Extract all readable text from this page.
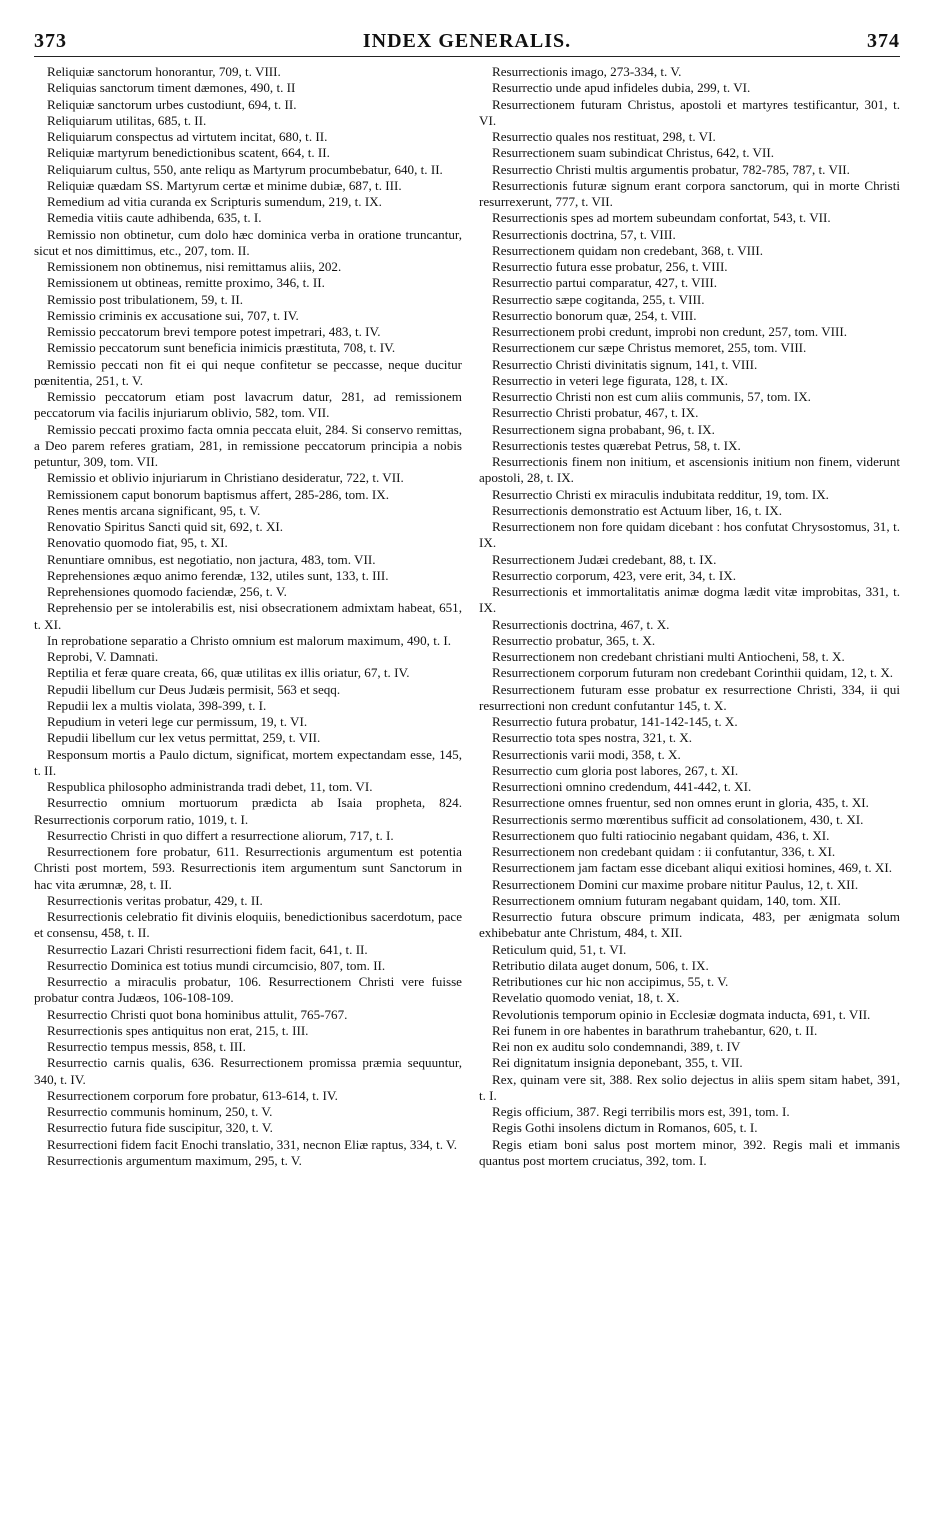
373	INDEX GENERALIS.	374

Reliquiæ sanctorum honorantur, 709, t. VIII.

Reliquias sanctorum timent dæmones, 490, t. II

Reliquiæ sanctorum urbes custodiunt, 694, t. II.

Reliquiarum utilitas, 685, t. II.

Reliquiarum conspectus ad virtutem incitat, 680, t. II.

Reliquiæ martyrum benedictionibus scatent, 664, t. II.

Reliquiarum cultus, 550, ante reliqu as Martyrum procumbebatur, 640, t. II.

Reliquiæ quædam SS. Martyrum certæ et minime dubiæ, 687, t. III.

Remedium ad vitia curanda ex Scripturis sumendum, 219, t. IX.

Remedia vitiis caute adhibenda, 635, t. I.

Remissio non obtinetur, cum dolo hæc dominica verba in oratione truncantur, sicut et nos dimittimus, etc., 207, tom. II.

Remissionem non obtinemus, nisi remittamus aliis, 202.

Remissionem ut obtineas, remitte proximo, 346, t. II.

Remissio post tribulationem, 59, t. II.

Remissio criminis ex accusatione sui, 707, t. IV.

Remissio peccatorum brevi tempore potest impetrari, 483, t. IV.

Remissio peccatorum sunt beneficia inimicis præstituta, 708, t. IV.

Remissio peccati non fit ei qui neque confitetur se peccasse, neque ducitur pœnitentia, 251, t. V.

Remissio peccatorum etiam post lavacrum datur, 281, ad remissionem peccatorum via facilis injuriarum oblivio, 582, tom. VII.

Remissio peccati proximo facta omnia peccata eluit, 284. Si conservo remittas, a Deo parem referes gratiam, 281, in remissione peccatorum principia a nobis petuntur, 309, tom. VII.

Remissio et oblivio injuriarum in Christiano desideratur, 722, t. VII.

Remissionem caput bonorum baptismus affert, 285-286, tom. IX.

Renes mentis arcana significant, 95, t. V.

Renovatio Spiritus Sancti quid sit, 692, t. XI.

Renovatio quomodo fiat, 95, t. XI.

Renuntiare omnibus, est negotiatio, non jactura, 483, tom. VII.

Reprehensiones æquo animo ferendæ, 132, utiles sunt, 133, t. III.

Reprehensiones quomodo faciendæ, 256, t. V.

Reprehensio per se intolerabilis est, nisi obsecrationem admixtam habeat, 651, t. XI.

In reprobatione separatio a Christo omnium est malorum maximum, 490, t. I.

Reprobi, V. Damnati.

Reptilia et feræ quare creata, 66, quæ utilitas ex illis oriatur, 67, t. IV.

Repudii libellum cur Deus Judæis permisit, 563 et seqq.

Repudii lex a multis violata, 398-399, t. I.

Repudium in veteri lege cur permissum, 19, t. VI.

Repudii libellum cur lex vetus permittat, 259, t. VII.

Responsum mortis a Paulo dictum, significat, mortem expectandam esse, 145, t. II.

Respublica philosopho administranda tradi debet, 11, tom. VI.

Resurrectio omnium mortuorum prædicta ab Isaia propheta, 824. Resurrectionis corporum ratio, 1019, t. I.

Resurrectio Christi in quo differt a resurrectione aliorum, 717, t. I.

Resurrectionem fore probatur, 611. Resurrectionis argumentum est potentia Christi post mortem, 593. Resurrectionis item argumentum sunt Sanctorum in hac vita ærumnæ, 28, t. II.

Resurrectionis veritas probatur, 429, t. II.

Resurrectionis celebratio fit divinis eloquiis, benedictionibus sacerdotum, pace et consensu, 458, t. II.

Resurrectio Lazari Christi resurrectioni fidem facit, 641, t. II.

Resurrectio Dominica est totius mundi circumcisio, 807, tom. II.

Resurrectio a miraculis probatur, 106. Resurrectionem Christi vere fuisse probatur contra Judæos, 106-108-109.

Resurrectio Christi quot bona hominibus attulit, 765-767.

Resurrectionis spes antiquitus non erat, 215, t. III.

Resurrectio tempus messis, 858, t. III.

Resurrectio carnis qualis, 636. Resurrectionem promissa præmia sequuntur, 340, t. IV.

Resurrectionem corporum fore probatur, 613-614, t. IV.

Resurrectio communis hominum, 250, t. V.

Resurrectio futura fide suscipitur, 320, t. V.

Resurrectioni fidem facit Enochi translatio, 331, necnon Eliæ raptus, 334, t. V.

Resurrectionis argumentum maximum, 295, t. V.

Resurrectionis imago, 273-334, t. V.

Resurrectio unde apud infideles dubia, 299, t. VI.

Resurrectionem futuram Christus, apostoli et martyres testificantur, 301, t. VI.

Resurrectio quales nos restituat, 298, t. VI.

Resurrectionem suam subindicat Christus, 642, t. VII.

Resurrectio Christi multis argumentis probatur, 782-785, 787, t. VII.

Resurrectionis futuræ signum erant corpora sanctorum, qui in morte Christi resurrexerunt, 777, t. VII.

Resurrectionis spes ad mortem subeundam confortat, 543, t. VII.

Resurrectionis doctrina, 57, t. VIII.

Resurrectionem quidam non credebant, 368, t. VIII.

Resurrectio futura esse probatur, 256, t. VIII.

Resurrectio partui comparatur, 427, t. VIII.

Resurrectio sæpe cogitanda, 255, t. VIII.

Resurrectio bonorum quæ, 254, t. VIII.

Resurrectionem probi credunt, improbi non credunt, 257, tom. VIII.

Resurrectionem cur sæpe Christus memoret, 255, tom. VIII.

Resurrectio Christi divinitatis signum, 141, t. VIII.

Resurrectio in veteri lege figurata, 128, t. IX.

Resurrectio Christi non est cum aliis communis, 57, tom. IX.

Resurrectio Christi probatur, 467, t. IX.

Resurrectionem signa probabant, 96, t. IX.

Resurrectionis testes quærebat Petrus, 58, t. IX.

Resurrectionis finem non initium, et ascensionis initium non finem, viderunt apostoli, 28, t. IX.

Resurrectio Christi ex miraculis indubitata redditur, 19, tom. IX.

Resurrectionis demonstratio est Actuum liber, 16, t. IX.

Resurrectionem non fore quidam dicebant : hos confutat Chrysostomus, 31, t. IX.

Resurrectionem Judæi credebant, 88, t. IX.

Resurrectio corporum, 423, vere erit, 34, t. IX.

Resurrectionis et immortalitatis animæ dogma lædit vitæ improbitas, 331, t. IX.

Resurrectionis doctrina, 467, t. X.

Resurrectio probatur, 365, t. X.

Resurrectionem non credebant christiani multi Antiocheni, 58, t. X.

Resurrectionem corporum futuram non credebant Corinthii quidam, 12, t. X.

Resurrectionem futuram esse probatur ex resurrectione Christi, 334, ii qui resurrectioni non credunt confutantur 145, t. X.

Resurrectio futura probatur, 141-142-145, t. X.

Resurrectio tota spes nostra, 321, t. X.

Resurrectionis varii modi, 358, t. X.

Resurrectio cum gloria post labores, 267, t. XI.

Resurrectioni omnino credendum, 441-442, t. XI.

Resurrectione omnes fruentur, sed non omnes erunt in gloria, 435, t. XI.

Resurrectionis sermo mœrentibus sufficit ad consolationem, 430, t. XI.

Resurrectionem quo fulti ratiocinio negabant quidam, 436, t. XI.

Resurrectionem non credebant quidam : ii confutantur, 336, t. XI.

Resurrectionem jam factam esse dicebant aliqui exitiosi homines, 469, t. XI.

Resurrectionem Domini cur maxime probare nititur Paulus, 12, t. XII.

Resurrectionem omnium futuram negabant quidam, 140, tom. XII.

Resurrectio futura obscure primum indicata, 483, per ænigmata solum exhibebatur ante Christum, 484, t. XII.

Reticulum quid, 51, t. VI.

Retributio dilata auget donum, 506, t. IX.

Retributiones cur hic non accipimus, 55, t. V.

Revelatio quomodo veniat, 18, t. X.

Revolutionis temporum opinio in Ecclesiæ dogmata inducta, 691, t. VII.

Rei funem in ore habentes in barathrum trahebantur, 620, t. II.

Rei non ex auditu solo condemnandi, 389, t. IV

Rei dignitatum insignia deponebant, 355, t. VII.

Rex, quinam vere sit, 388. Rex solio dejectus in aliis spem sitam habet, 391, t. I.

Regis officium, 387. Regi terribilis mors est, 391, tom. I.

Regis Gothi insolens dictum in Romanos, 605, t. I.

Regis etiam boni salus post mortem minor, 392. Regis mali et immanis quantus post mortem cruciatus, 392, tom. I.
